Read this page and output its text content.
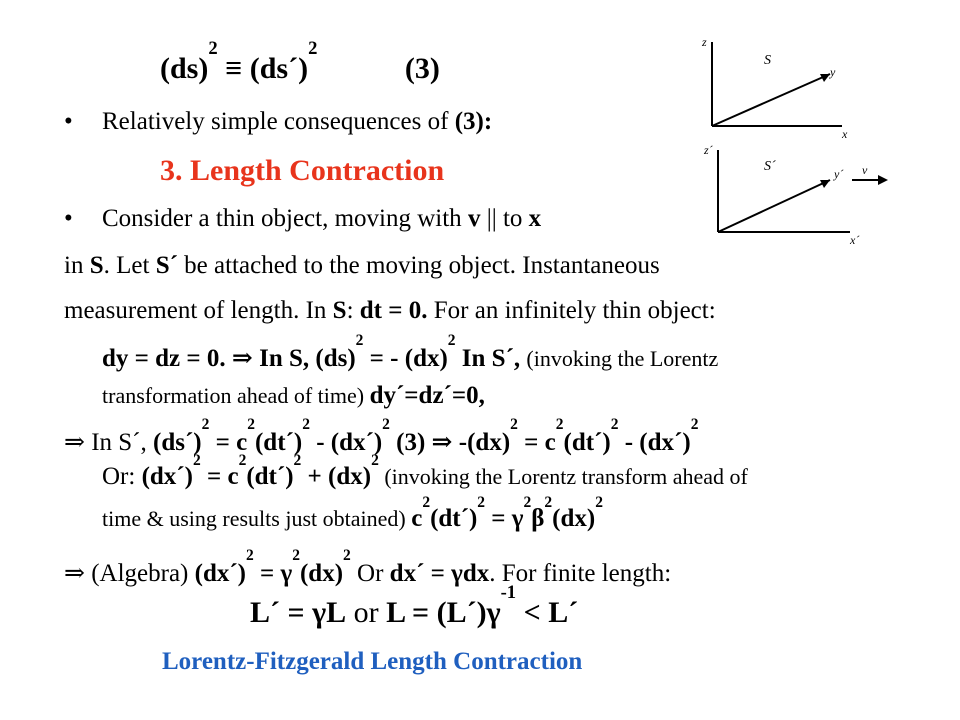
(ds)$^2$ ≡ (ds´)$^2$ (3)
• Relatively simple consequences of (3):
3. Length Contraction
• Consider a thin object, moving with v || to x
in S. Let S´ be attached to the moving object. Instantaneous
measurement of length. In S: dt = 0. For an infinitely thin object:
dy = dz = 0. ⇒ In S, (ds)$^2$ = - (dx)$^2$ In S´, (invoking the Lorentz
transformation ahead of time) dy´=dz´=0,
⇒ In S´, (ds´)$^2$ = $c^2(dt´)^2$ - (dx´)$^2$ (3) ⇒ $-(dx)^2 = c^2(dt´)^2$ - (dx´)$^2$
Or: (dx´)$^2$ = $c^2(dt´)^2 + (dx)^2$ (invoking the Lorentz transform ahead of
time & using results just obtained) $c^2(dt´)^2 = \gamma^2\beta^2(dx)^2$
⇒ (Algebra) (dx´)$^2$ = $\gamma^2(dx)^2$ Or dx´ = γdx. For finite length:
L´ = γL or $L = (L´)\gamma^{-1}$ < L´
Lorentz-Fitzgerald Length Contraction
z
S
y
x
z´
S´	y´ v
x´
